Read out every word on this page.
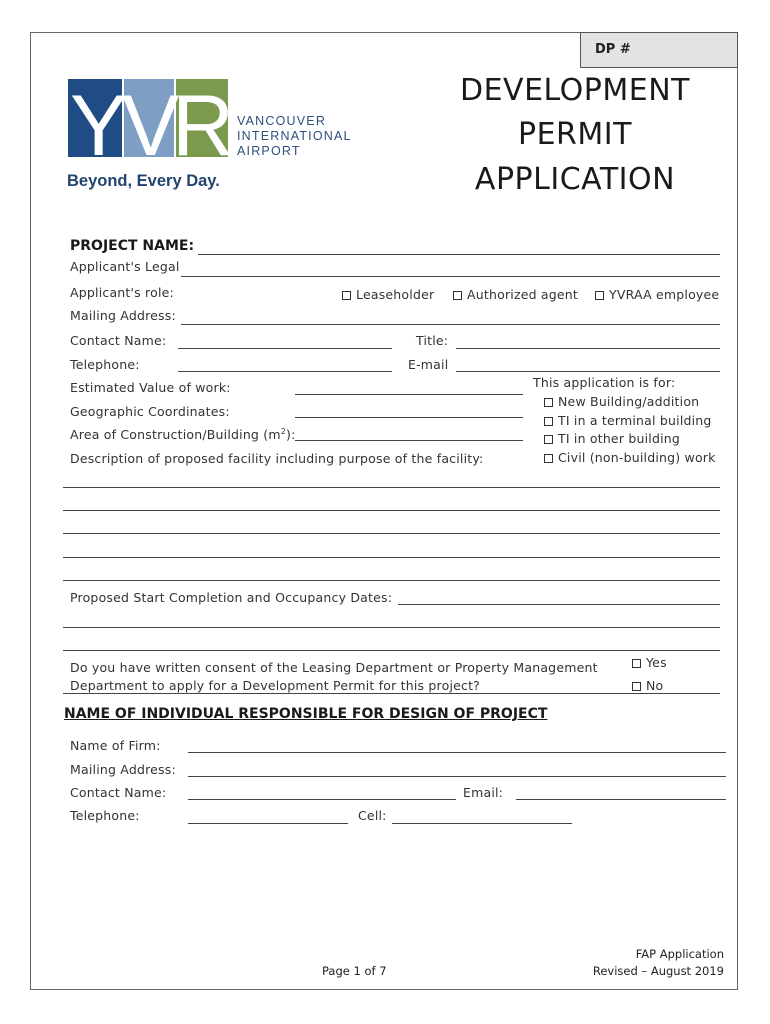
DP #
Y
V
R VANCOUVER
INTERNATIONAL
AIRPORT
Beyond, Every Day.
DEVELOPMENT
PERMIT
APPLICATION
PROJECT NAME:
Applicant's Legal
Applicant's role:	Leaseholder	Authorized agent	YVRAA employee
Mailing Address:
Contact Name:	Title:
Telephone:	E-mail
Estimated Value of work:
Geographic Coordinates:
Area of Construction/Building $(m^2)$:
This application is for:
New Building/addition
TI in a terminal building
TI in other building
Civil (non-building) work
Description of proposed facility including purpose of the facility:
Proposed Start Completion and Occupancy Dates:
Do you have written consent of the Leasing Department or Property Management
Department to apply for a Development Permit for this project?
Yes
No
NAME OF INDIVIDUAL RESPONSIBLE FOR DESIGN OF PROJECT
Name of Firm:
Mailing Address:
Contact Name:	Email:
Telephone:	Cell:
Page 1 of 7
FAP Application
Revised – August 2019
